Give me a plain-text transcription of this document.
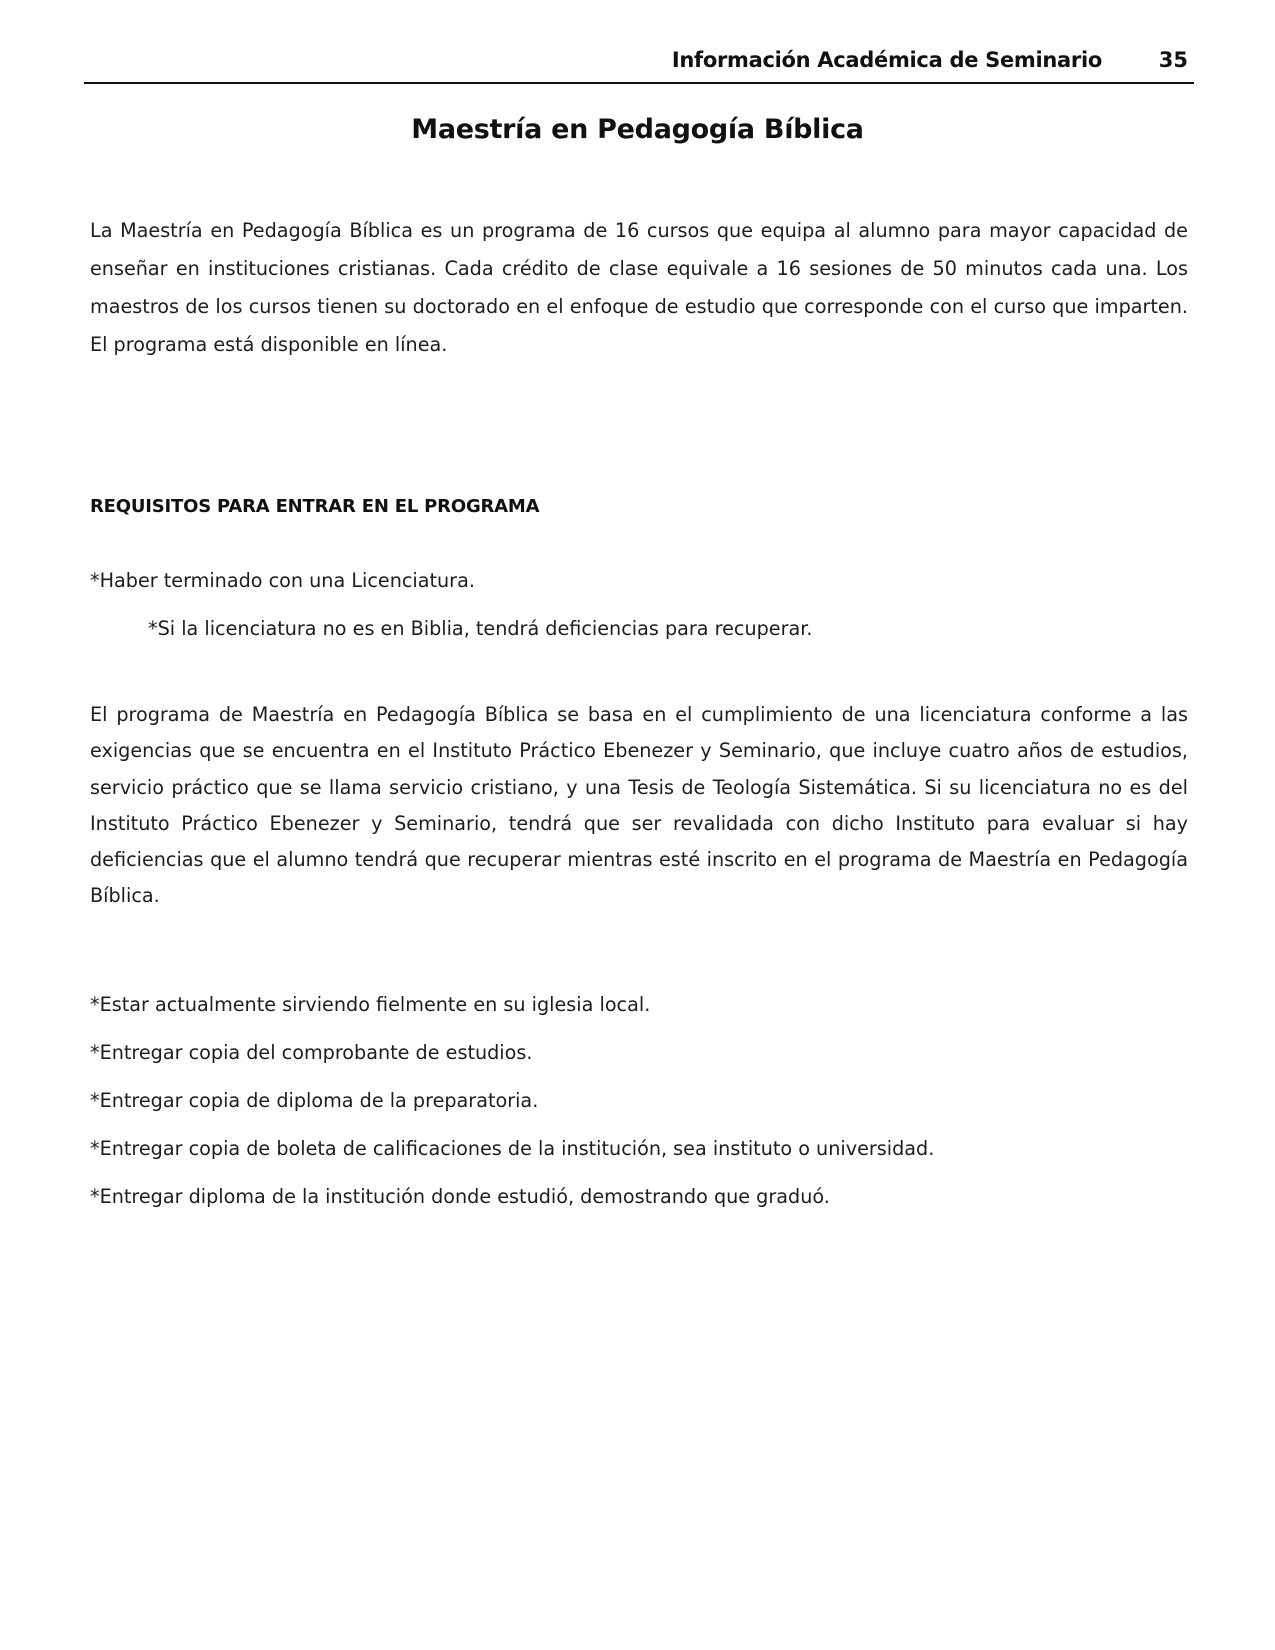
Información Académica de Seminario	35
Maestría en Pedagogía Bíblica

La Maestría en Pedagogía Bíblica es un programa de 16 cursos que equipa al alumno para mayor capacidad de enseñar en instituciones cristianas. Cada crédito de clase equivale a 16 sesiones de 50 minutos cada una. Los maestros de los cursos tienen su doctorado en el enfoque de estudio que corresponde con el curso que imparten. El programa está disponible en línea.

REQUISITOS PARA ENTRAR EN EL PROGRAMA
*Haber terminado con una Licenciatura.
*Si la licenciatura no es en Biblia, tendrá deficiencias para recuperar.

El programa de Maestría en Pedagogía Bíblica se basa en el cumplimiento de una licenciatura conforme a las exigencias que se encuentra en el Instituto Práctico Ebenezer y Seminario, que incluye cuatro años de estudios, servicio práctico que se llama servicio cristiano, y una Tesis de Teología Sistemática. Si su licenciatura no es del Instituto Práctico Ebenezer y Seminario, tendrá que ser revalidada con dicho Instituto para evaluar si hay deficiencias que el alumno tendrá que recuperar mientras esté inscrito en el programa de Maestría en Pedagogía Bíblica.

*Estar actualmente sirviendo fielmente en su iglesia local.
*Entregar copia del comprobante de estudios.
*Entregar copia de diploma de la preparatoria.
*Entregar copia de boleta de calificaciones de la institución, sea instituto o universidad.
*Entregar diploma de la institución donde estudió, demostrando que graduó.
